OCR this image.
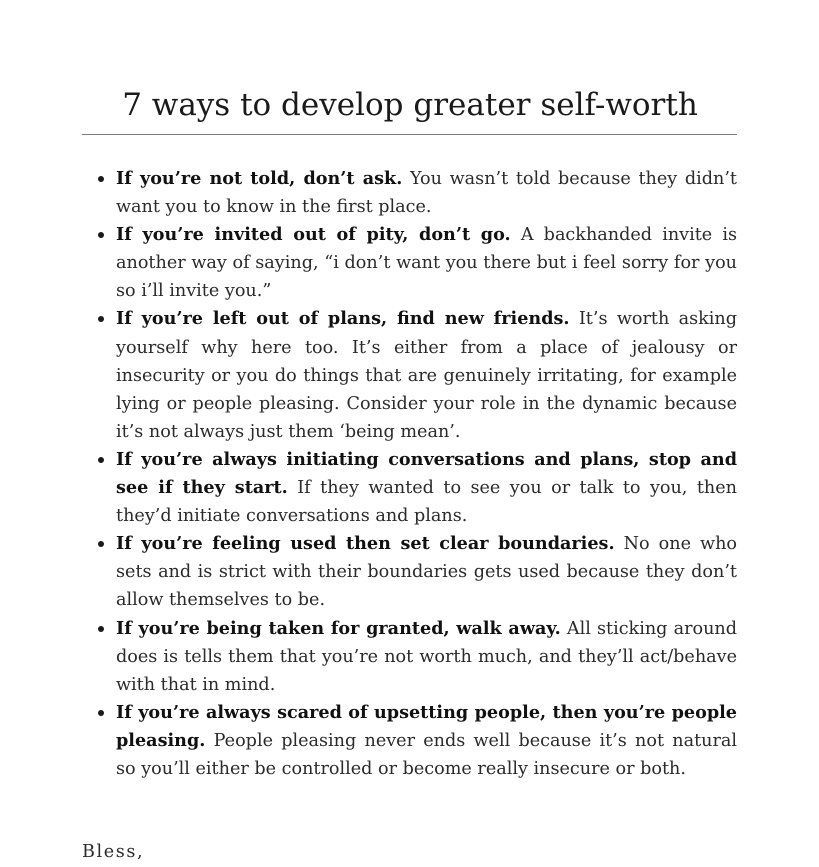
7 ways to develop greater self-worth
If you’re not told, don’t ask. You wasn’t told because they didn’t want you to know in the first place.
If you’re invited out of pity, don’t go. A backhanded invite is another way of saying, “i don’t want you there but i feel sorry for you so i’ll invite you.”
If you’re left out of plans, find new friends. It’s worth asking yourself why here too. It’s either from a place of jealousy or insecurity or you do things that are genuinely irritating, for example lying or people pleasing. Consider your role in the dynamic because it’s not always just them ‘being mean’.
If you’re always initiating conversations and plans, stop and see if they start. If they wanted to see you or talk to you, then they’d initiate conversations and plans.
If you’re feeling used then set clear boundaries. No one who sets and is strict with their boundaries gets used because they don’t allow themselves to be.
If you’re being taken for granted, walk away. All sticking around does is tells them that you’re not worth much, and they’ll act/behave with that in mind.
If you’re always scared of upsetting people, then you’re people pleasing. People pleasing never ends well because it’s not natural so you’ll either be controlled or become really insecure or both.

Bless,
